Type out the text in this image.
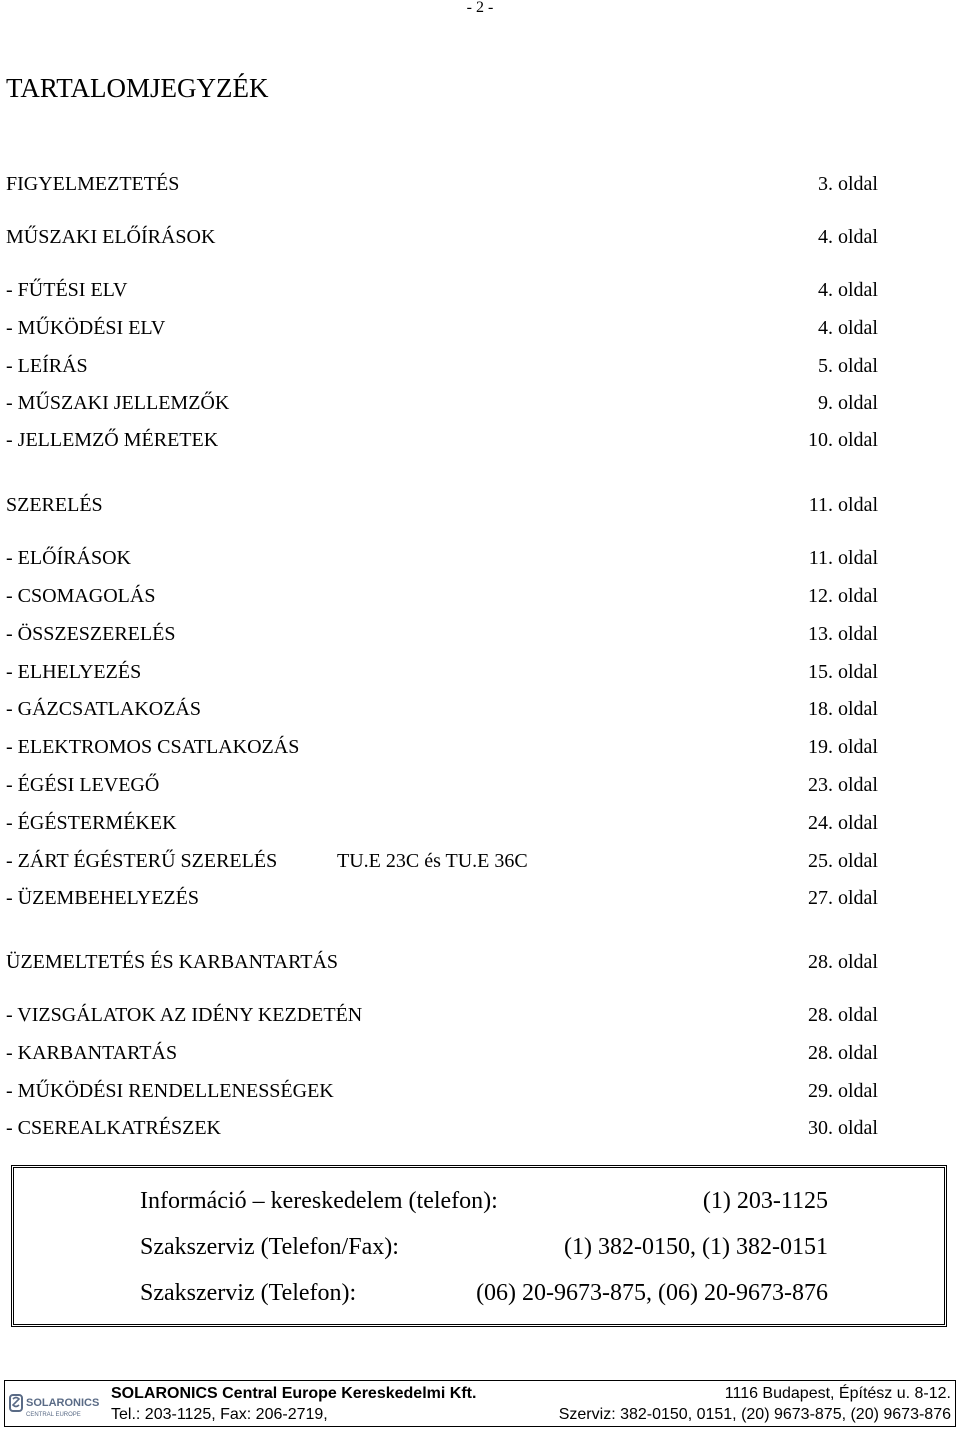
- 2 -
TARTALOMJEGYZÉK
FIGYELMEZTETÉS	3. oldal
MŰSZAKI ELŐÍRÁSOK	4. oldal
- FŰTÉSI ELV	4. oldal
- MŰKÖDÉSI ELV	4. oldal
- LEÍRÁS	5. oldal
- MŰSZAKI JELLEMZŐK	9. oldal
- JELLEMZŐ MÉRETEK	10. oldal
SZERELÉS	11. oldal
- ELŐÍRÁSOK	11. oldal
- CSOMAGOLÁS	12. oldal
- ÖSSZESZERELÉS	13. oldal
- ELHELYEZÉS	15. oldal
- GÁZCSATLAKOZÁS	18. oldal
- ELEKTROMOS CSATLAKOZÁS	19. oldal
- ÉGÉSI LEVEGŐ	23. oldal
- ÉGÉSTERMÉKEK	24. oldal
- ZÁRT ÉGÉSTERŰ SZERELÉS	TU.E 23C és TU.E 36C	25. oldal
- ÜZEMBEHELYEZÉS	27. oldal
ÜZEMELTETÉS ÉS KARBANTARTÁS	28. oldal
- VIZSGÁLATOK AZ IDÉNY KEZDETÉN	28. oldal
- KARBANTARTÁS	28. oldal
- MŰKÖDÉSI RENDELLENESSÉGEK	29. oldal
- CSEREALKATRÉSZEK	30. oldal
Információ – kereskedelem (telefon):	(1) 203-1125
Szakszerviz (Telefon/Fax):	(1) 382-0150, (1) 382-0151
Szakszerviz (Telefon):	(06) 20-9673-875, (06) 20-9673-876
SOLARONICS
CENTRAL EUROPE
SOLARONICS Central Europe Kereskedelmi Kft.	1116 Budapest, Építész u. 8-12.
Tel.: 203-1125, Fax: 206-2719,	Szerviz: 382-0150, 0151, (20) 9673-875, (20) 9673-876
